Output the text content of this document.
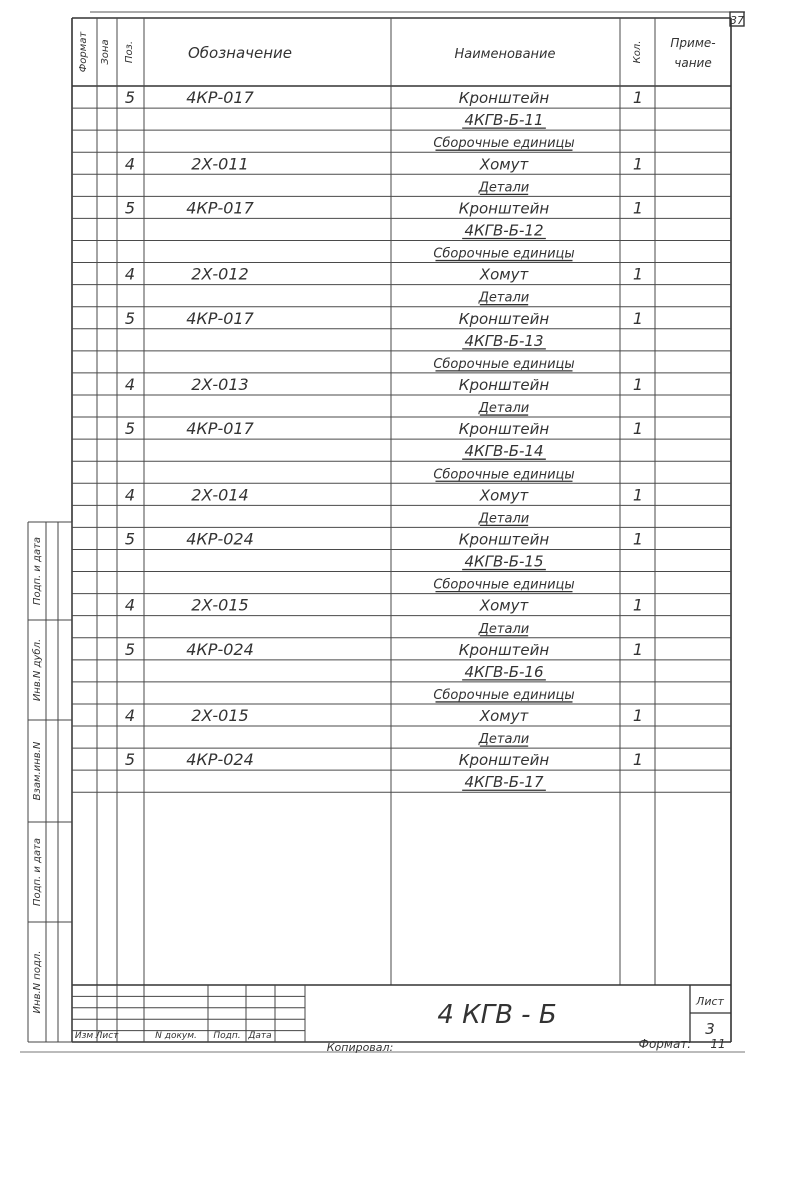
37
Формат Зона Поз.	Обозначение	Наименование	Кол. Приме-
чание
5	4КР-017	Кронштейн	1
4КГВ-Б-11
Сборочные единицы
4	2Х-011	Хомут	1
Детали
5	4КР-017	Кронштейн	1
4КГВ-Б-12
Сборочные единицы
4	2Х-012	Хомут	1
Детали
5	4КР-017	Кронштейн	1
4КГВ-Б-13
Сборочные единицы
4	2Х-013	Кронштейн	1
Детали
5	4КР-017	Кронштейн	1
4КГВ-Б-14
Сборочные единицы
4	2Х-014	Хомут	1
Детали
5	4КР-024	Кронштейн	1
4КГВ-Б-15
Сборочные единицы
4	2Х-015	Хомут	1
Детали
5	4КР-024	Кронштейн	1
4КГВ-Б-16
Сборочные единицы
4	2Х-015	Хомут	1
Детали
5	4КР-024	Кронштейн	1
4КГВ-Б-17
Лист
3
4 КГВ - Б
Изм Лист	N докум. Подп. Дата
Копировал:	Формат: 11
Инв.N подл.
Подп. и дата
Взам.инв.N
Инв.N дубл.
Подп. и дата
